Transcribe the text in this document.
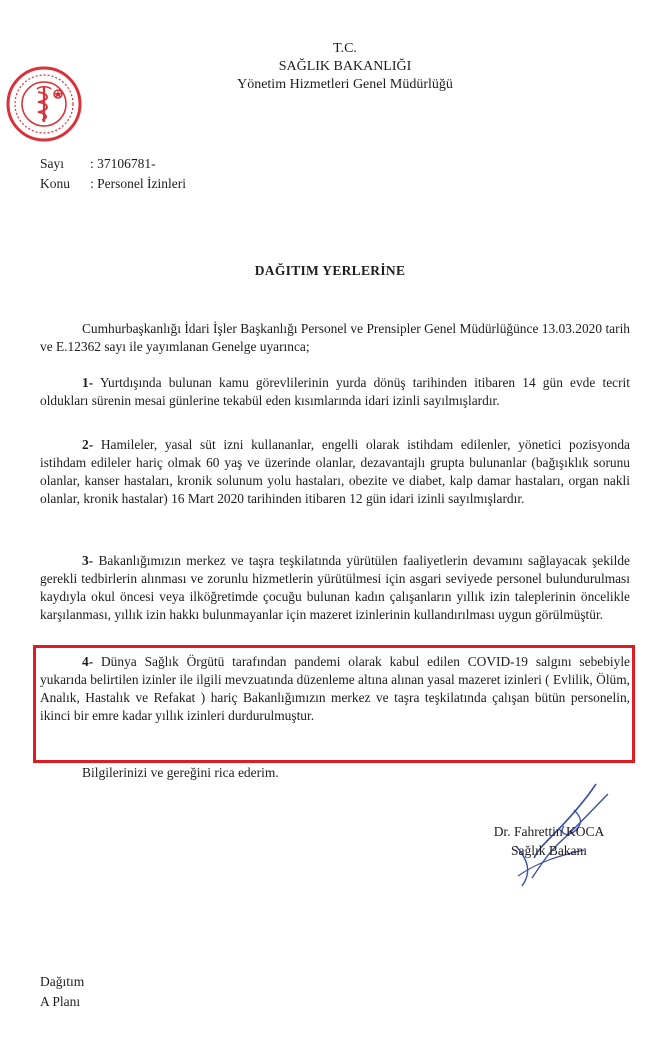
T.C.
SAĞLIK BAKANLIĞI
Yönetim Hizmetleri Genel Müdürlüğü
Sayı	: 37106781-
Konu	: Personel İzinleri
DAĞITIM YERLERİNE
Cumhurbaşkanlığı İdari İşler Başkanlığı Personel ve Prensipler Genel Müdürlüğünce 13.03.2020 tarih ve E.12362 sayı ile yayımlanan Genelge uyarınca;
1- Yurtdışında bulunan kamu görevlilerinin yurda dönüş tarihinden itibaren 14 gün evde tecrit oldukları sürenin mesai günlerine tekabül eden kısımlarında idari izinli sayılmışlardır.
2- Hamileler, yasal süt izni kullananlar, engelli olarak istihdam edilenler, yönetici pozisyonda istihdam edileler hariç olmak 60 yaş ve üzerinde olanlar, dezavantajlı grupta bulunanlar (bağışıklık sorunu olanlar, kanser hastaları, kronik solunum yolu hastaları, obezite ve diabet, kalp damar hastaları, organ nakli olanlar, kronik hastalar) 16 Mart 2020 tarihinden itibaren 12 gün idari izinli sayılmışlardır.
3- Bakanlığımızın merkez ve taşra teşkilatında yürütülen faaliyetlerin devamını sağlayacak şekilde gerekli tedbirlerin alınması ve zorunlu hizmetlerin yürütülmesi için asgari seviyede personel bulundurulması kaydıyla okul öncesi veya ilköğretimde çocuğu bulunan kadın çalışanların yıllık izin taleplerinin öncelikle karşılanması, yıllık izin hakkı bulunmayanlar için mazeret izinlerinin kullandırılması uygun görülmüştür.
4- Dünya Sağlık Örgütü tarafından pandemi olarak kabul edilen COVID-19 salgını sebebiyle yukarıda belirtilen izinler ile ilgili mevzuatında düzenleme altına alınan yasal mazeret izinleri ( Evlilik, Ölüm, Analık, Hastalık ve Refakat ) hariç Bakanlığımızın merkez ve taşra teşkilatında çalışan bütün personelin, ikinci bir emre kadar yıllık izinleri durdurulmuştur.
Bilgilerinizi ve gereğini rica ederim.
Dr. Fahrettin KOCA
Sağlık Bakanı
Dağıtım
A Planı
